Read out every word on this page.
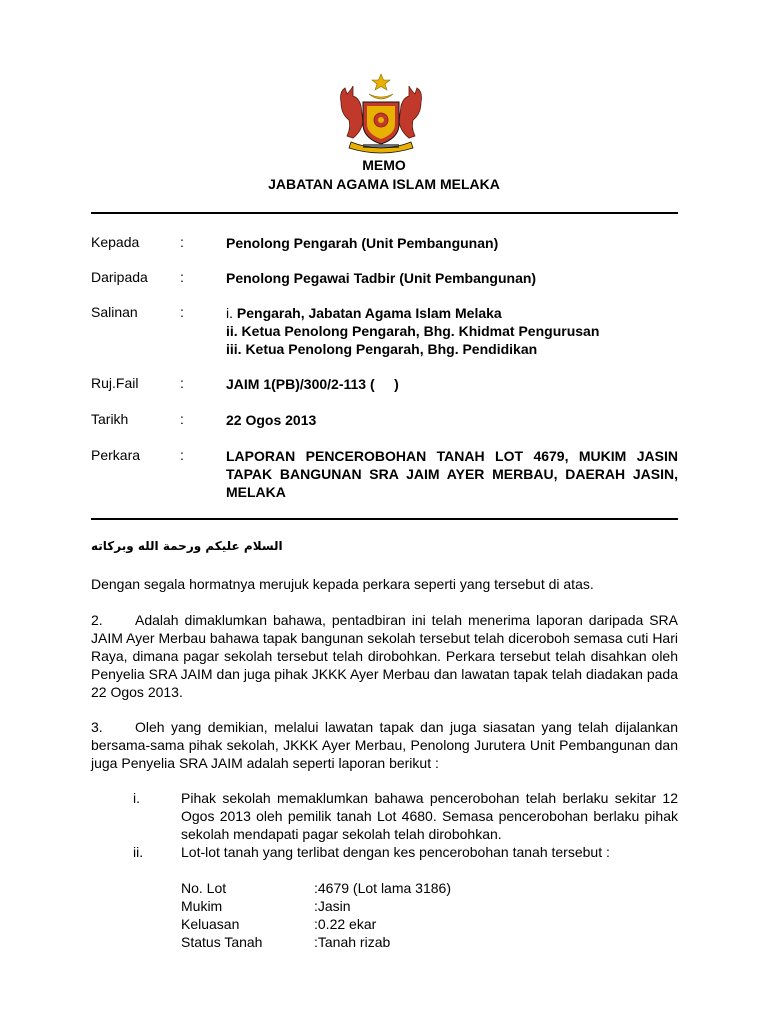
MEMO
JABATAN AGAMA ISLAM MELAKA
Kepada	:	Penolong Pengarah (Unit Pembangunan)
Daripada :	Penolong Pegawai Tadbir (Unit Pembangunan)
Salinan	:	i. Pengarah, Jabatan Agama Islam Melaka
ii. Ketua Penolong Pengarah, Bhg. Khidmat Pengurusan
iii. Ketua Penolong Pengarah, Bhg. Pendidikan
Ruj.Fail	:	JAIM 1(PB)/300/2-113 (     )
Tarikh	:	22 Ogos 2013
Perkara	:	LAPORAN PENCEROBOHAN TANAH LOT 4679, MUKIM JASIN TAPAK BANGUNAN SRA JAIM AYER MERBAU, DAERAH JASIN, MELAKA
السلام عليكم ورحمة الله وبركاته
Dengan segala hormatnya merujuk kepada perkara seperti yang tersebut di atas.
2. Adalah dimaklumkan bahawa, pentadbiran ini telah menerima laporan daripada SRA JAIM Ayer Merbau bahawa tapak bangunan sekolah tersebut telah diceroboh semasa cuti Hari Raya, dimana pagar sekolah tersebut telah dirobohkan. Perkara tersebut telah disahkan oleh Penyelia SRA JAIM dan juga pihak JKKK Ayer Merbau dan lawatan tapak telah diadakan pada 22 Ogos 2013.
3. Oleh yang demikian, melalui lawatan tapak dan juga siasatan yang telah dijalankan bersama-sama pihak sekolah, JKKK Ayer Merbau, Penolong Jurutera Unit Pembangunan dan juga Penyelia SRA JAIM adalah seperti laporan berikut :
i.	Pihak sekolah memaklumkan bahawa pencerobohan telah berlaku sekitar 12 Ogos 2013 oleh pemilik tanah Lot 4680. Semasa pencerobohan berlaku pihak sekolah mendapati pagar sekolah telah dirobohkan.
ii.	Lot-lot tanah yang terlibat dengan kes pencerobohan tanah tersebut :
No. Lot	:4679 (Lot lama 3186)
Mukim	:Jasin
Keluasan	:0.22 ekar
Status Tanah	:Tanah rizab
